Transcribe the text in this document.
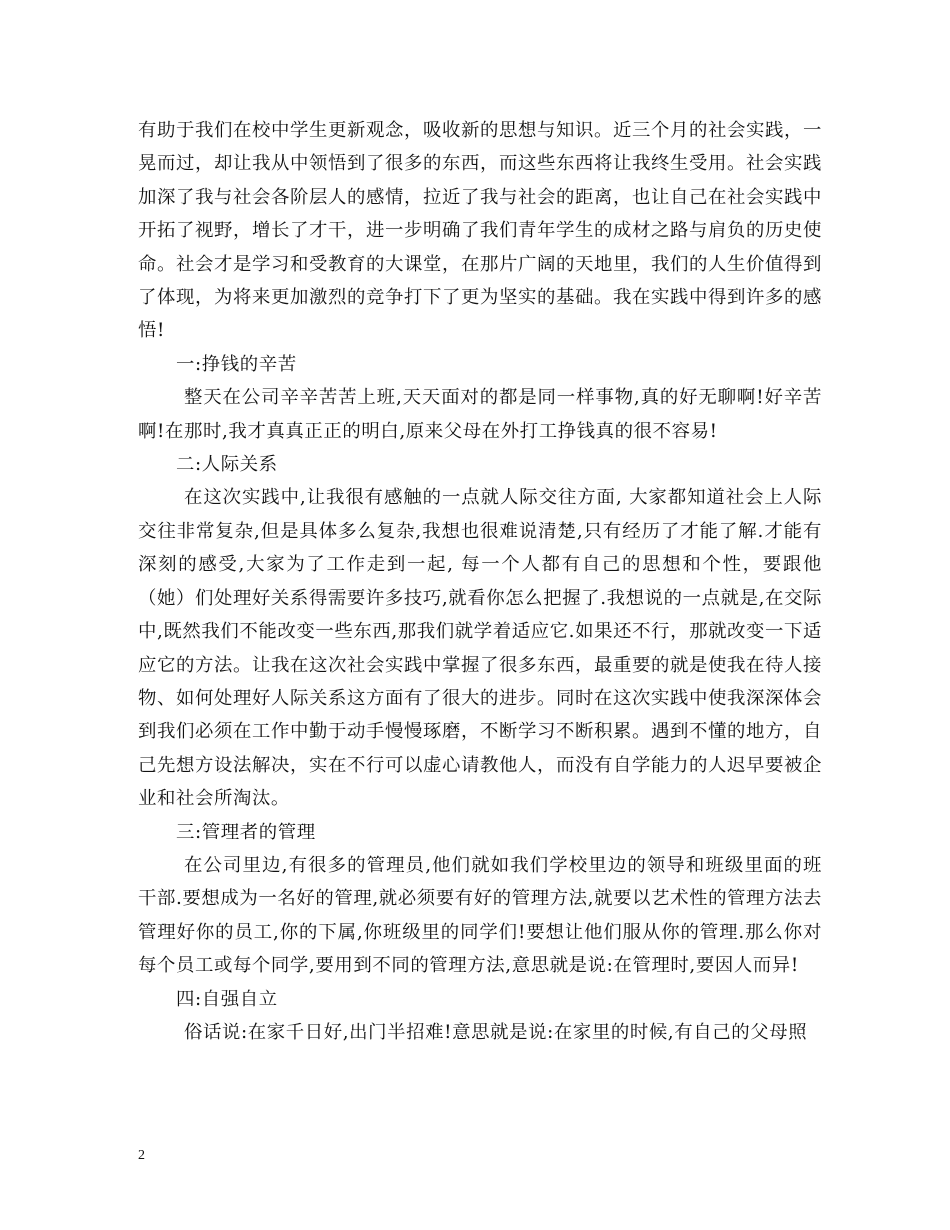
有助于我们在校中学生更新观念，吸收新的思想与知识。近三个月的社会实践，一晃而过，却让我从中领悟到了很多的东西，而这些东西将让我终生受用。社会实践加深了我与社会各阶层人的感情，拉近了我与社会的距离，也让自己在社会实践中开拓了视野，增长了才干，进一步明确了我们青年学生的成材之路与肩负的历史使命。社会才是学习和受教育的大课堂，在那片广阔的天地里，我们的人生价值得到了体现，为将来更加激烈的竞争打下了更为坚实的基础。我在实践中得到许多的感悟!

一:挣钱的辛苦

整天在公司辛辛苦苦上班,天天面对的都是同一样事物,真的好无聊啊!好辛苦啊!在那时,我才真真正正的明白,原来父母在外打工挣钱真的很不容易!

二:人际关系

在这次实践中,让我很有感触的一点就人际交往方面, 大家都知道社会上人际交往非常复杂,但是具体多么复杂,我想也很难说清楚,只有经历了才能了解.才能有深刻的感受,大家为了工作走到一起, 每一个人都有自己的思想和个性，要跟他（她）们处理好关系得需要许多技巧,就看你怎么把握了.我想说的一点就是,在交际中,既然我们不能改变一些东西,那我们就学着适应它.如果还不行，那就改变一下适应它的方法。让我在这次社会实践中掌握了很多东西，最重要的就是使我在待人接物、如何处理好人际关系这方面有了很大的进步。同时在这次实践中使我深深体会到我们必须在工作中勤于动手慢慢琢磨，不断学习不断积累。遇到不懂的地方，自己先想方设法解决，实在不行可以虚心请教他人，而没有自学能力的人迟早要被企业和社会所淘汰。

三:管理者的管理

在公司里边,有很多的管理员,他们就如我们学校里边的领导和班级里面的班干部.要想成为一名好的管理,就必须要有好的管理方法,就要以艺术性的管理方法去管理好你的员工,你的下属,你班级里的同学们!要想让他们服从你的管理.那么你对每个员工或每个同学,要用到不同的管理方法,意思就是说:在管理时,要因人而异!

四:自强自立

俗话说:在家千日好,出门半招难!意思就是说:在家里的时候,有自己的父母照

2
